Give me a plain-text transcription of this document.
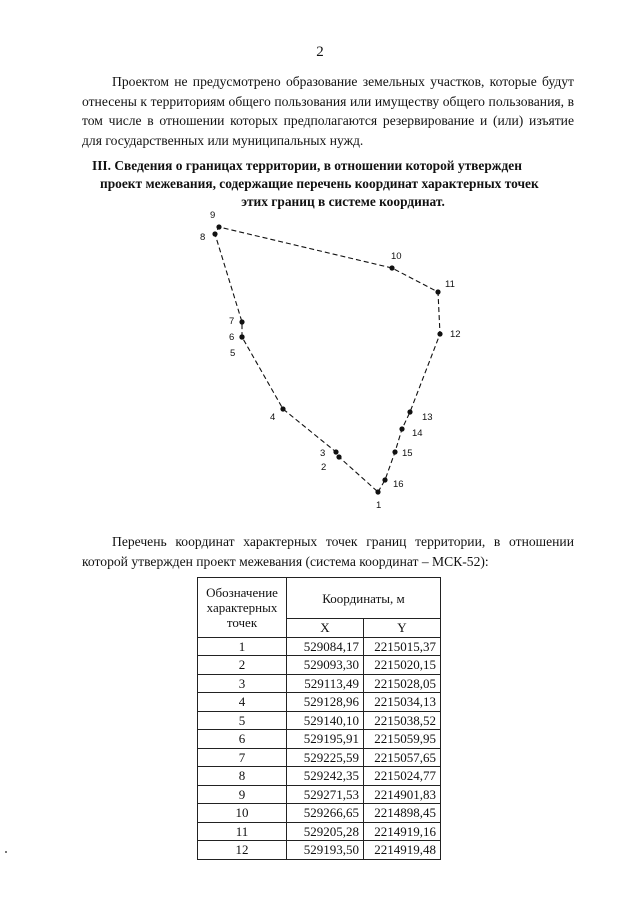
2

Проектом не предусмотрено образование земельных участков, которые будут отнесены к территориям общего пользования или имуществу общего пользования, в том числе в отношении которых предполагаются резервирование и (или) изъятие для государственных или муниципальных нужд.

III. Сведения о границах территории, в отношении которой утвержден
проект межевания, содержащие перечень координат характерных точек
этих границ в системе координат.
1
2
3
4
5
6
7
8
9
10
11
12
13
14
15
16

Перечень координат характерных точек границ территории, в отношении которой утвержден проект межевания (система координат – МСК-52):

Обозначение характерных точек	Координаты, м	
	X	Y
1	529084,17	2215015,37
2	529093,30	2215020,15
3	529113,49	2215028,05
4	529128,96	2215034,13
5	529140,10	2215038,52
6	529195,91	2215059,95
7	529225,59	2215057,65
8	529242,35	2215024,77
9	529271,53	2214901,83
10	529266,65	2214898,45
11	529205,28	2214919,16
12	529193,50	2214919,48
